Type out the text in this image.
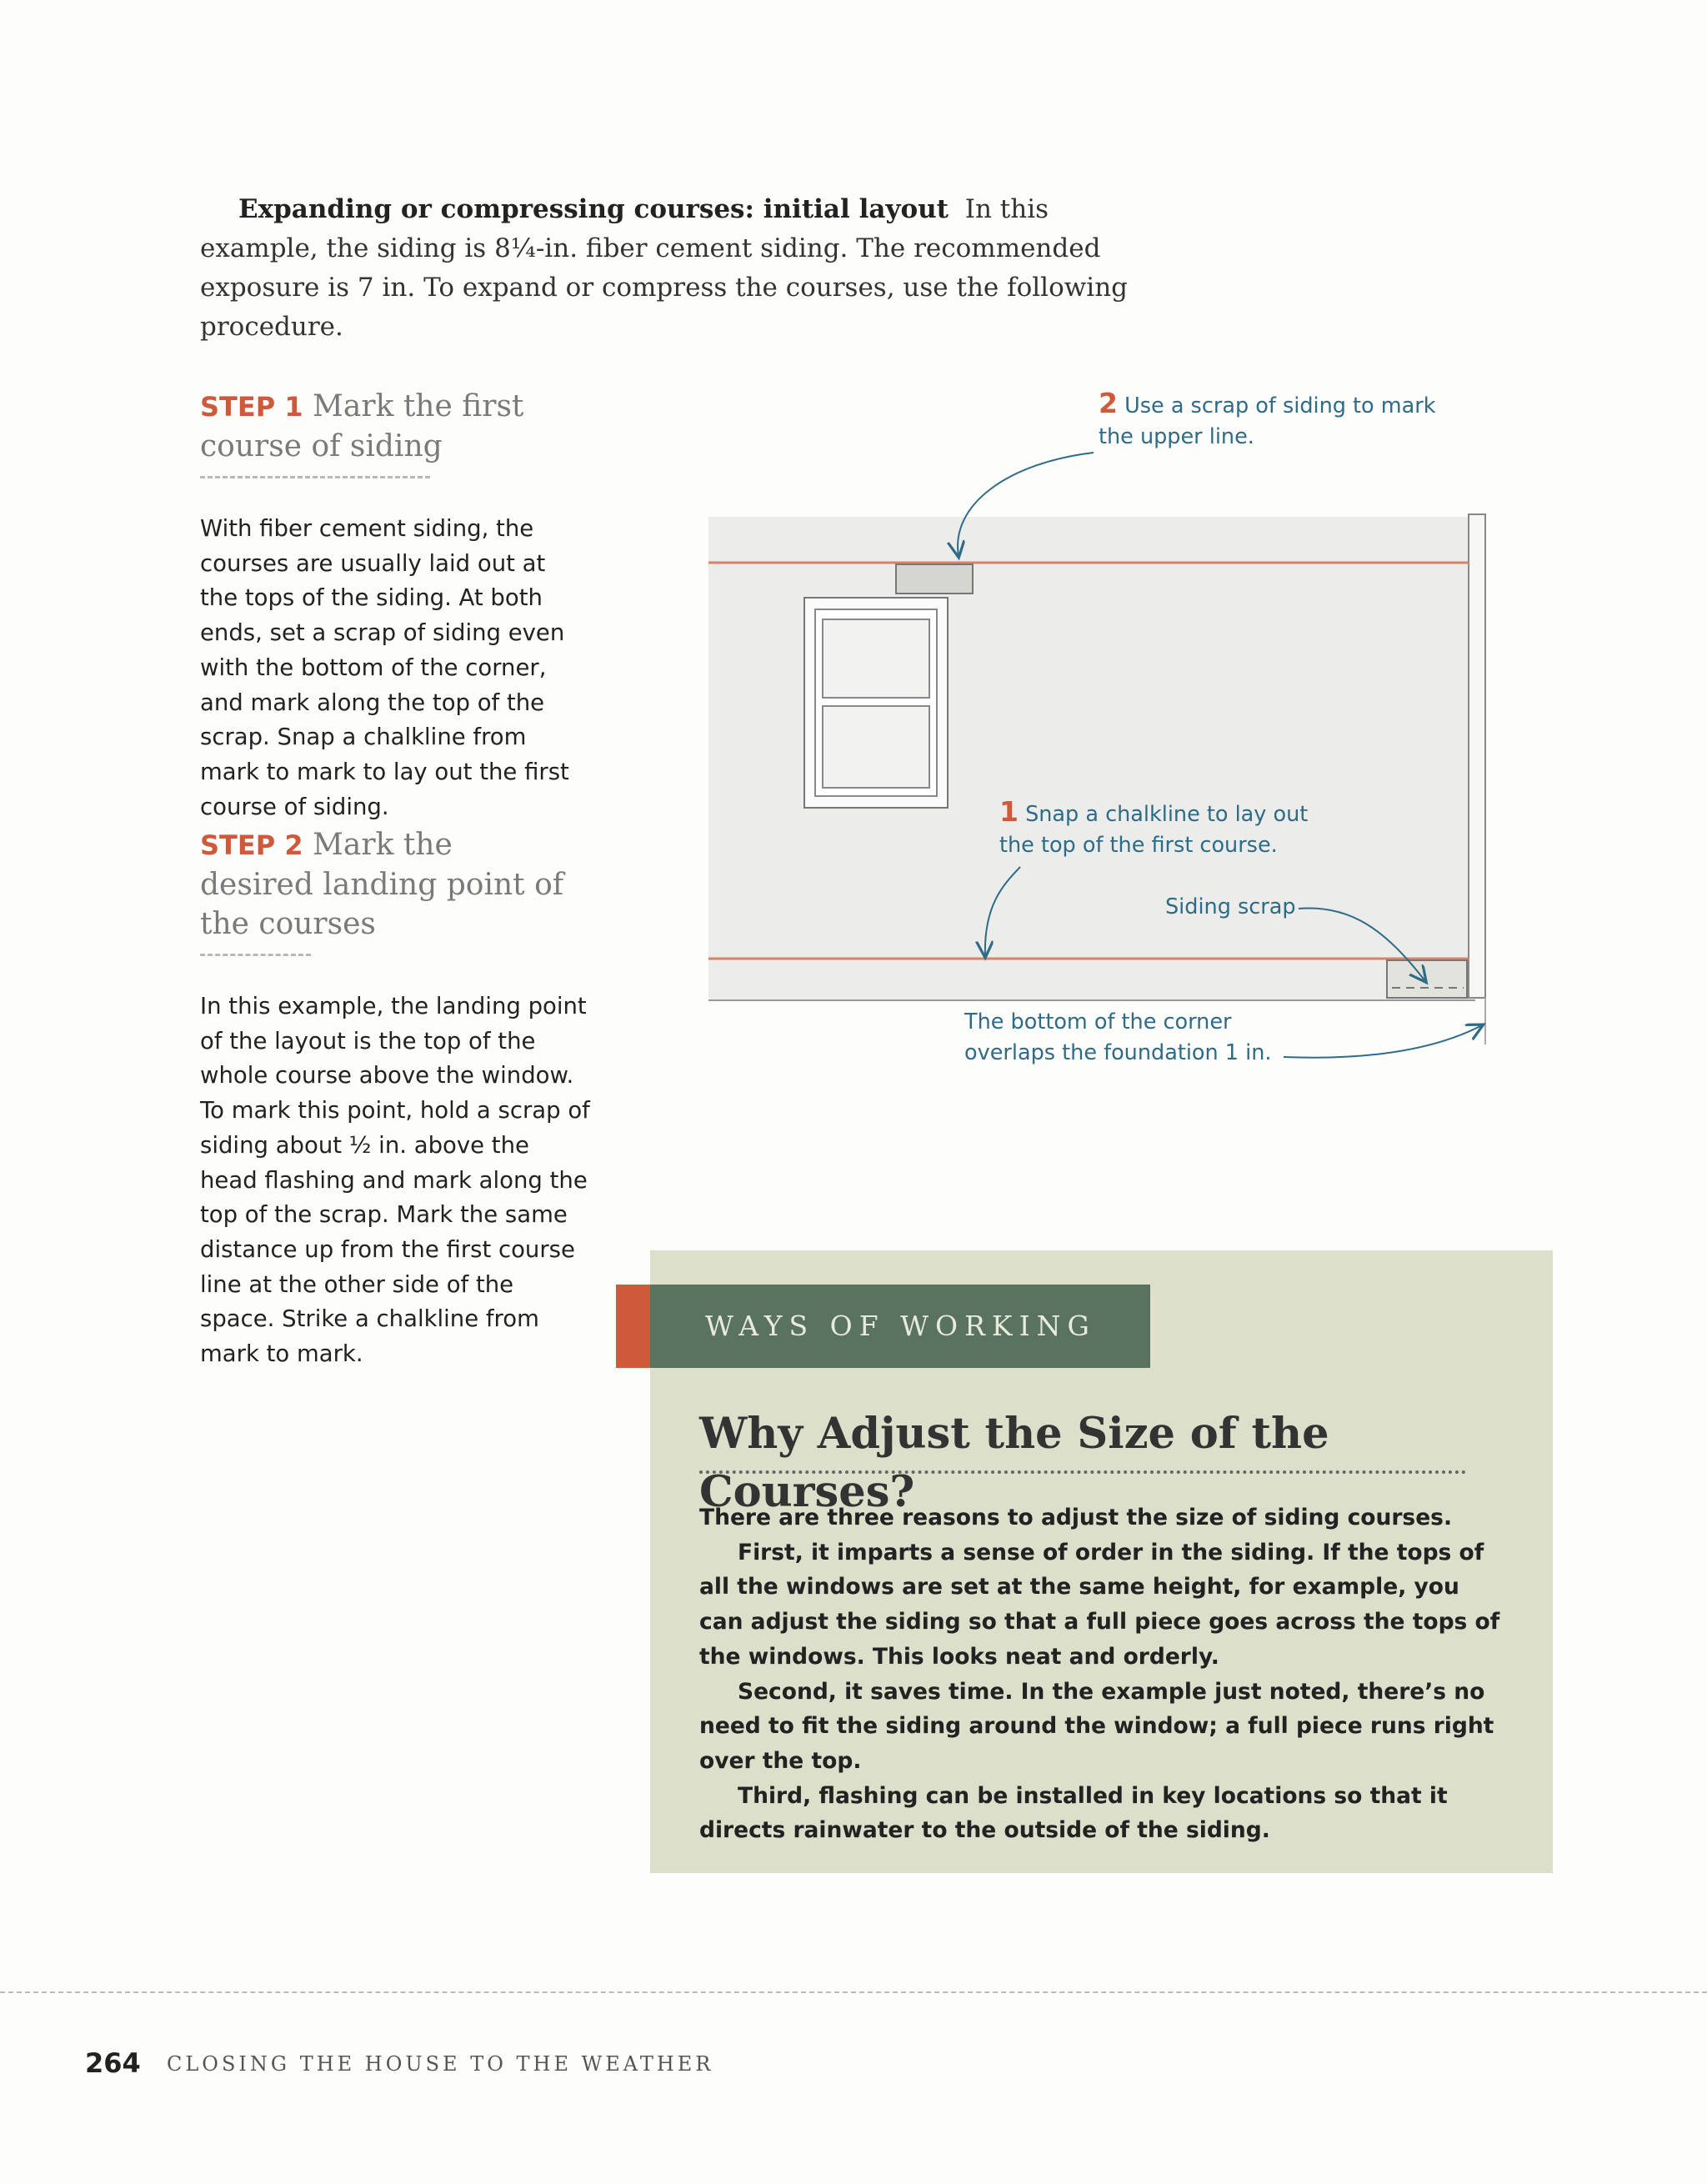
Expanding or compressing courses: initial layout In this example, the siding is 8¼-in. fiber cement siding. The recommended exposure is 7 in. To expand or compress the courses, use the following procedure.
STEP 1 Mark the first course of siding
With fiber cement siding, the courses are usually laid out at the tops of the siding. At both ends, set a scrap of siding even with the bottom of the corner, and mark along the top of the scrap. Snap a chalkline from mark to mark to lay out the first course of siding.
STEP 2 Mark the desired landing point of the courses
In this example, the landing point of the layout is the top of the whole course above the window. To mark this point, hold a scrap of siding about ½ in. above the head flashing and mark along the top of the scrap. Mark the same distance up from the first course line at the other side of the space. Strike a chalkline from mark to mark.
2 Use a scrap of siding to mark
the upper line.
1 Snap a chalkline to lay out
the top of the first course.
Siding scrap
The bottom of the corner
overlaps the foundation 1 in.
WAYS OF WORKING
Why Adjust the Size of the Courses?

There are three reasons to adjust the size of siding courses.

First, it imparts a sense of order in the siding. If the tops of all the windows are set at the same height, for example, you can adjust the siding so that a full piece goes across the tops of the windows. This looks neat and orderly.

Second, it saves time. In the example just noted, there’s no need to fit the siding around the window; a full piece runs right over the top.

Third, flashing can be installed in key locations so that it directs rainwater to the outside of the siding.

264 CLOSING THE HOUSE TO THE WEATHER
